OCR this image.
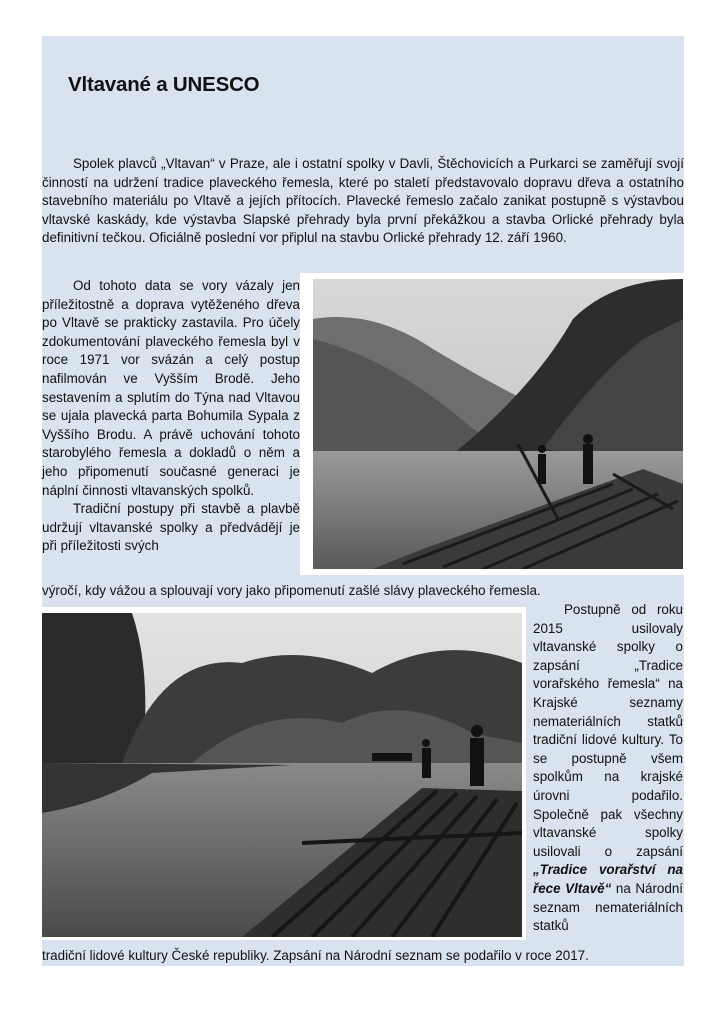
Vltavané a UNESCO

Spolek plavců „Vltavan“ v Praze, ale i ostatní spolky v Davli, Štěchovicích a Purkarci se zaměřují svojí činností na udržení tradice plaveckého řemesla, které po staletí představovalo dopravu dřeva a ostatního stavebního materiálu po Vltavě a jejích přítocích. Plavecké řemeslo začalo zanikat postupně s výstavbou vltavské kaskády, kde výstavba Slapské přehrady byla první překážkou a stavba Orlické přehrady byla definitivní tečkou. Oficiálně poslední vor připlul na stavbu Orlické přehrady 12. září 1960.

Od tohoto data se vory vázaly jen příležitostně a doprava vytěženého dřeva po Vltavě se prakticky zastavila. Pro účely zdokumentování plaveckého řemesla byl v roce 1971 vor svázán a celý postup nafilmován ve Vyšším Brodě. Jeho sestavením a splutím do Týna nad Vltavou se ujala plavecká parta Bohumila Sypala z Vyššího Brodu. A právě uchování tohoto starobylého řemesla a dokladů o něm a jeho připomenutí současné generaci je náplní činnosti vltavanských spolků.
Tradiční postupy při stavbě a plavbě udržují vltavanské spolky a předvádějí je při příležitosti svých

výročí, kdy vážou a splouvají vory jako připomenutí zašlé slávy plaveckého řemesla.

Postupně od roku 2015 usilovaly vltavanské spolky o zapsání „Tradice vorařského řemesla“ na Krajské seznamy nemateriálních statků tradiční lidové kultury. To se postupně všem spolkům na krajské úrovni podařilo. Společně pak všechny vltavanské spolky usilovali o zapsání „Tradice vorařství na řece Vltavě“ na Národní seznam nemateriálních statků

tradiční lidové kultury České republiky. Zapsání na Národní seznam se podařilo v roce 2017.
